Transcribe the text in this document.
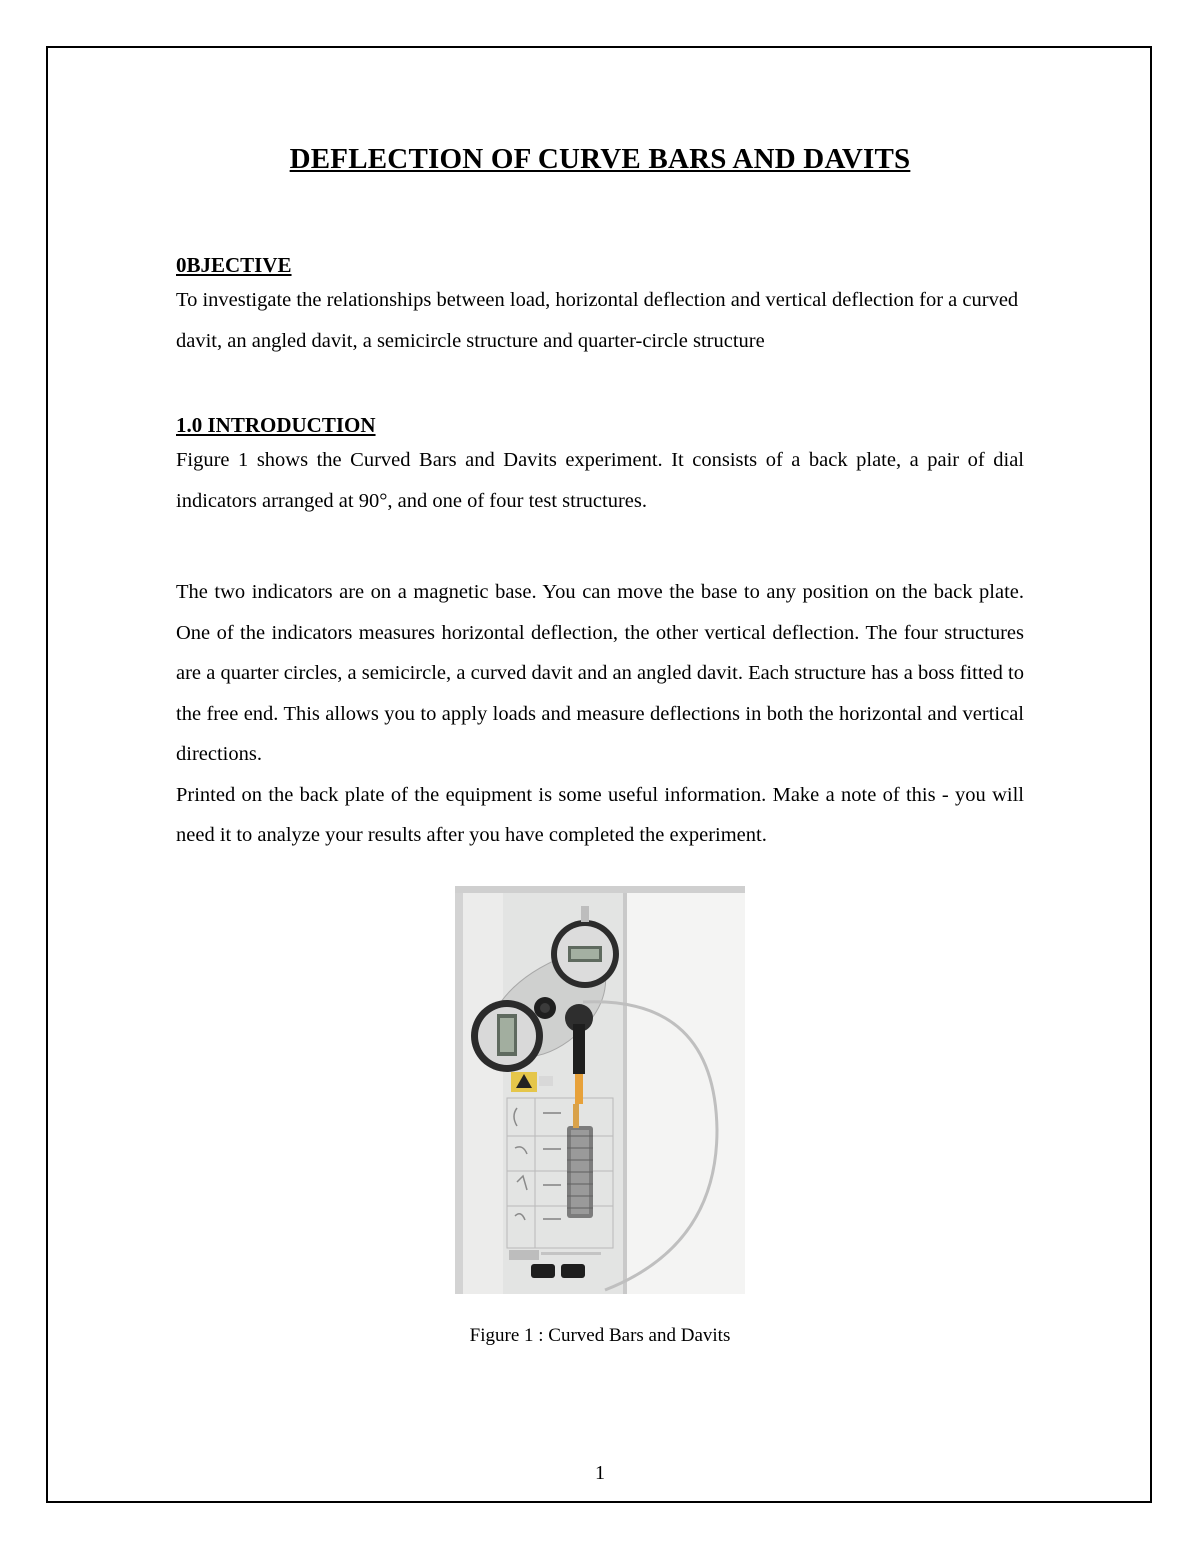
DEFLECTION OF CURVE BARS AND DAVITS

0BJECTIVE

To investigate the relationships between load, horizontal deflection and vertical deflection for a curved davit, an angled davit, a semicircle structure and quarter-circle structure

1.0 INTRODUCTION

Figure 1 shows the Curved Bars and Davits experiment. It consists of a back plate, a pair of dial indicators arranged at 90°, and one of four test structures.

The two indicators are on a magnetic base. You can move the base to any position on the back plate. One of the indicators measures horizontal deflection, the other vertical deflection. The four structures are a quarter circles, a semicircle, a curved davit and an angled davit. Each structure has a boss fitted to the free end. This allows you to apply loads and measure deflections in both the horizontal and vertical directions.

Printed on the back plate of the equipment is some useful information. Make a note of this - you will need it to analyze your results after you have completed the experiment.

Figure 1 : Curved Bars and Davits
1
